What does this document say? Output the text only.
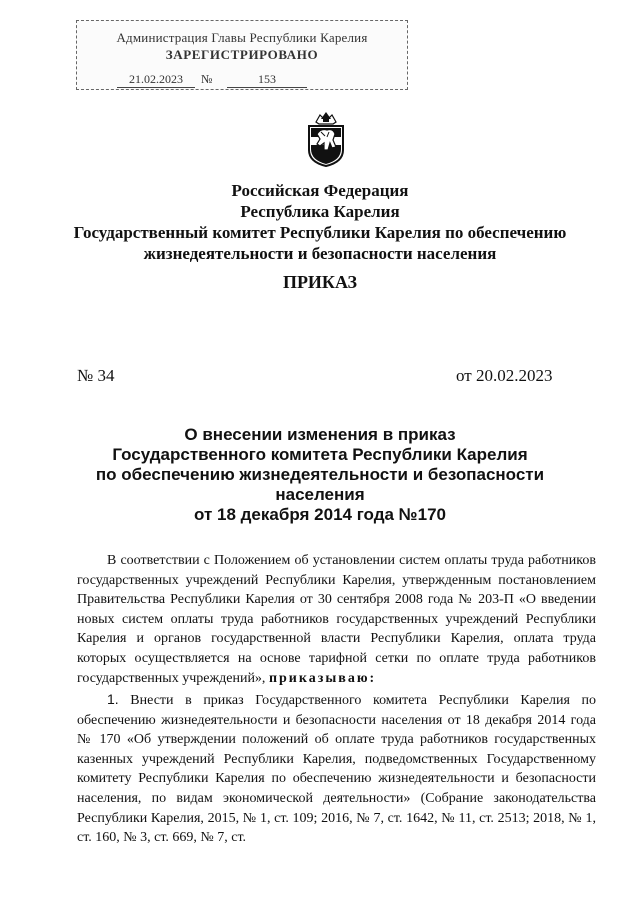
Администрация Главы Республики Карелия
ЗАРЕГИСТРИРОВАНО
21.02.2023	№	153
Российская Федерация
Республика Карелия
Государственный комитет Республики Карелия по обеспечению
жизнедеятельности и безопасности населения
ПРИКАЗ
№ 34	от 20.02.2023
О внесении изменения в приказ
Государственного комитета Республики Карелия
по обеспечению жизнедеятельности и безопасности
населения
от 18 декабря 2014 года №170
В соответствии с Положением об установлении систем оплаты труда работников государственных учреждений Республики Карелия, утвержденным постановлением Правительства Республики Карелия от 30 сентября 2008 года № 203-П «О введении новых систем оплаты труда работников государственных учреждений Республики Карелия и органов государственной власти Республики Карелия, оплата труда которых осуществляется на основе тарифной сетки по оплате труда работников государственных учреждений», приказываю:
1. Внести в приказ Государственного комитета Республики Карелия по обеспечению жизнедеятельности и безопасности населения от 18 декабря 2014 года № 170 «Об утверждении положений об оплате труда работников государственных казенных учреждений Республики Карелия, подведомственных Государственному комитету Республики Карелия по обеспечению жизнедеятельности и безопасности населения, по видам экономической деятельности» (Собрание законодательства Республики Карелия, 2015, № 1, ст. 109; 2016, № 7, ст. 1642, № 11, ст. 2513; 2018, № 1, ст. 160, № 3, ст. 669, № 7, ст.
